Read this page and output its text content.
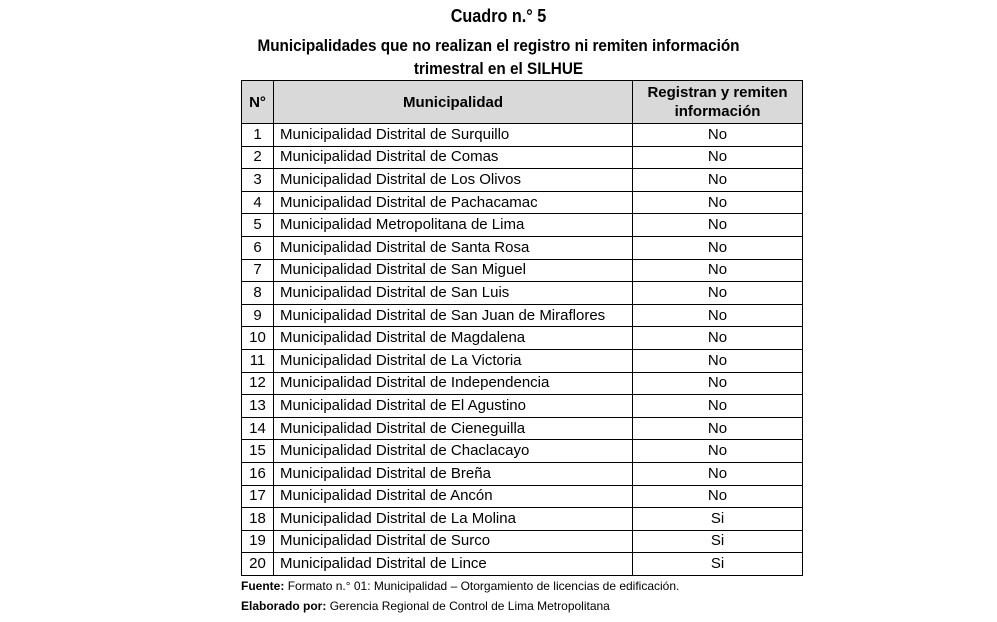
Cuadro n.° 5
Municipalidades que no realizan el registro ni remiten información
trimestral en el SILHUE
N°	Municipalidad	Registran y remiten información
1	Municipalidad Distrital de Surquillo	No
2	Municipalidad Distrital de Comas	No
3	Municipalidad Distrital de Los Olivos	No
4	Municipalidad Distrital de Pachacamac	No
5	Municipalidad Metropolitana de Lima	No
6	Municipalidad Distrital de Santa Rosa	No
7	Municipalidad Distrital de San Miguel	No
8	Municipalidad Distrital de San Luis	No
9	Municipalidad Distrital de San Juan de Miraflores	No
10	Municipalidad Distrital de Magdalena	No
11	Municipalidad Distrital de La Victoria	No
12	Municipalidad Distrital de Independencia	No
13	Municipalidad Distrital de El Agustino	No
14	Municipalidad Distrital de Cieneguilla	No
15	Municipalidad Distrital de Chaclacayo	No
16	Municipalidad Distrital de Breña	No
17	Municipalidad Distrital de Ancón	No
18	Municipalidad Distrital de La Molina	Si
19	Municipalidad Distrital de Surco	Si
20	Municipalidad Distrital de Lince	Si
Fuente: Formato n.° 01: Municipalidad – Otorgamiento de licencias de edificación.
Elaborado por: Gerencia Regional de Control de Lima Metropolitana
